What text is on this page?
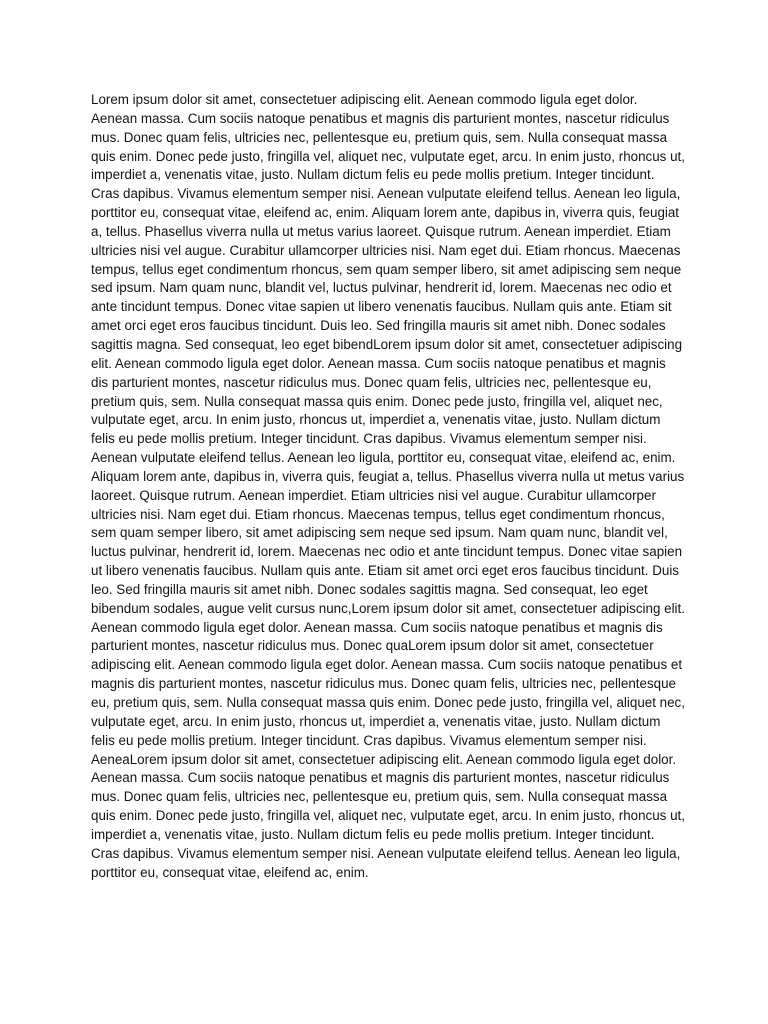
Lorem ipsum dolor sit amet, consectetuer adipiscing elit. Aenean commodo ligula eget dolor. Aenean massa. Cum sociis natoque penatibus et magnis dis parturient montes, nascetur ridiculus mus. Donec quam felis, ultricies nec, pellentesque eu, pretium quis, sem. Nulla consequat massa quis enim. Donec pede justo, fringilla vel, aliquet nec, vulputate eget, arcu. In enim justo, rhoncus ut, imperdiet a, venenatis vitae, justo. Nullam dictum felis eu pede mollis pretium. Integer tincidunt. Cras dapibus. Vivamus elementum semper nisi. Aenean vulputate eleifend tellus. Aenean leo ligula, porttitor eu, consequat vitae, eleifend ac, enim. Aliquam lorem ante, dapibus in, viverra quis, feugiat a, tellus. Phasellus viverra nulla ut metus varius laoreet. Quisque rutrum. Aenean imperdiet. Etiam ultricies nisi vel augue. Curabitur ullamcorper ultricies nisi. Nam eget dui. Etiam rhoncus. Maecenas tempus, tellus eget condimentum rhoncus, sem quam semper libero, sit amet adipiscing sem neque sed ipsum. Nam quam nunc, blandit vel, luctus pulvinar, hendrerit id, lorem. Maecenas nec odio et ante tincidunt tempus. Donec vitae sapien ut libero venenatis faucibus. Nullam quis ante. Etiam sit amet orci eget eros faucibus tincidunt. Duis leo. Sed fringilla mauris sit amet nibh. Donec sodales sagittis magna. Sed consequat, leo eget bibendLorem ipsum dolor sit amet, consectetuer adipiscing elit. Aenean commodo ligula eget dolor. Aenean massa. Cum sociis natoque penatibus et magnis dis parturient montes, nascetur ridiculus mus. Donec quam felis, ultricies nec, pellentesque eu, pretium quis, sem. Nulla consequat massa quis enim. Donec pede justo, fringilla vel, aliquet nec, vulputate eget, arcu. In enim justo, rhoncus ut, imperdiet a, venenatis vitae, justo. Nullam dictum felis eu pede mollis pretium. Integer tincidunt. Cras dapibus. Vivamus elementum semper nisi. Aenean vulputate eleifend tellus. Aenean leo ligula, porttitor eu, consequat vitae, eleifend ac, enim. Aliquam lorem ante, dapibus in, viverra quis, feugiat a, tellus. Phasellus viverra nulla ut metus varius laoreet. Quisque rutrum. Aenean imperdiet. Etiam ultricies nisi vel augue. Curabitur ullamcorper ultricies nisi. Nam eget dui. Etiam rhoncus. Maecenas tempus, tellus eget condimentum rhoncus, sem quam semper libero, sit amet adipiscing sem neque sed ipsum. Nam quam nunc, blandit vel, luctus pulvinar, hendrerit id, lorem. Maecenas nec odio et ante tincidunt tempus. Donec vitae sapien ut libero venenatis faucibus. Nullam quis ante. Etiam sit amet orci eget eros faucibus tincidunt. Duis leo. Sed fringilla mauris sit amet nibh. Donec sodales sagittis magna. Sed consequat, leo eget bibendum sodales, augue velit cursus nunc,Lorem ipsum dolor sit amet, consectetuer adipiscing elit. Aenean commodo ligula eget dolor. Aenean massa. Cum sociis natoque penatibus et magnis dis parturient montes, nascetur ridiculus mus. Donec quaLorem ipsum dolor sit amet, consectetuer adipiscing elit. Aenean commodo ligula eget dolor. Aenean massa. Cum sociis natoque penatibus et magnis dis parturient montes, nascetur ridiculus mus. Donec quam felis, ultricies nec, pellentesque eu, pretium quis, sem. Nulla consequat massa quis enim. Donec pede justo, fringilla vel, aliquet nec, vulputate eget, arcu. In enim justo, rhoncus ut, imperdiet a, venenatis vitae, justo. Nullam dictum felis eu pede mollis pretium. Integer tincidunt. Cras dapibus. Vivamus elementum semper nisi. AeneaLorem ipsum dolor sit amet, consectetuer adipiscing elit. Aenean commodo ligula eget dolor. Aenean massa. Cum sociis natoque penatibus et magnis dis parturient montes, nascetur ridiculus mus. Donec quam felis, ultricies nec, pellentesque eu, pretium quis, sem. Nulla consequat massa quis enim. Donec pede justo, fringilla vel, aliquet nec, vulputate eget, arcu. In enim justo, rhoncus ut, imperdiet a, venenatis vitae, justo. Nullam dictum felis eu pede mollis pretium. Integer tincidunt. Cras dapibus. Vivamus elementum semper nisi. Aenean vulputate eleifend tellus. Aenean leo ligula, porttitor eu, consequat vitae, eleifend ac, enim.
